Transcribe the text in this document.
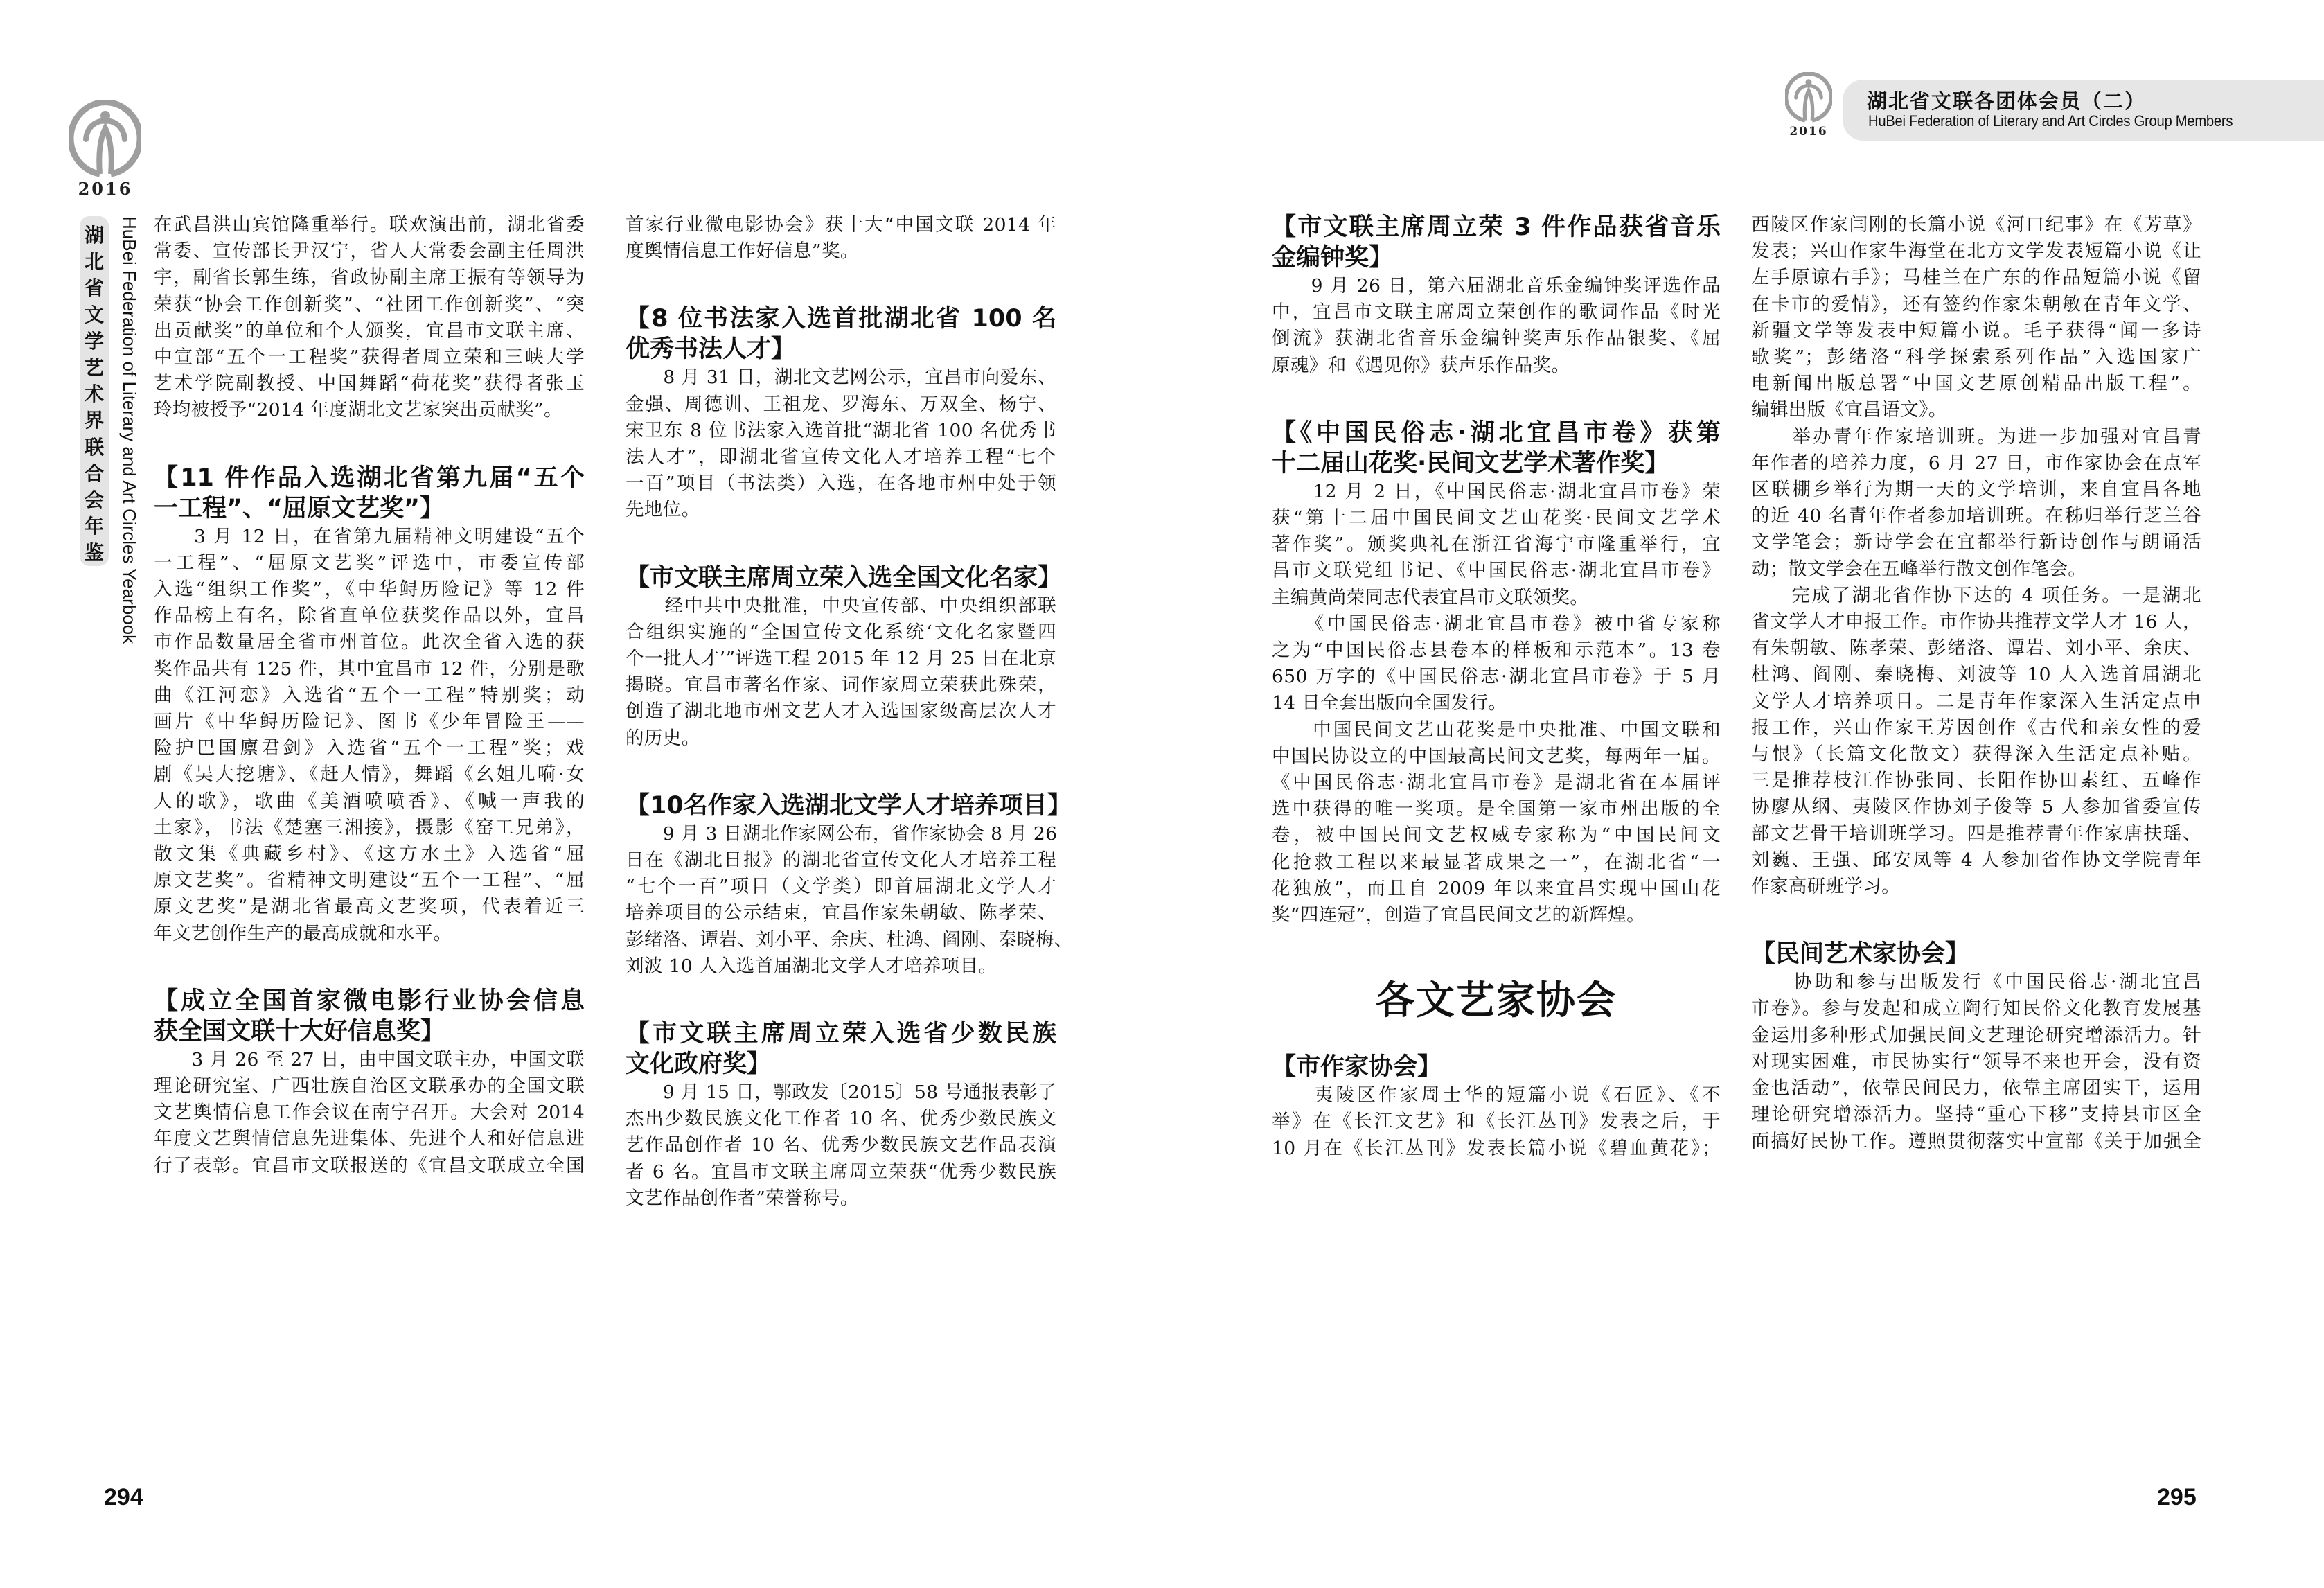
2016
湖
北
省
文
学
艺
术
界
联
合
会
年
鉴 HuBei Federation of Literary and Art Circles Yearbook
2016
湖北省文联各团体会员（二）
HuBei Federation of Literary and Art Circles Group Members

在武昌洪山宾馆隆重举行。联欢演出前，湖北省委
常委、宣传部长尹汉宁，省人大常委会副主任周洪
宇，副省长郭生练，省政协副主席王振有等领导为
荣获“协会工作创新奖”、“社团工作创新奖”、“突
出贡献奖”的单位和个人颁奖，宜昌市文联主席、
中宣部“五个一工程奖”获得者周立荣和三峡大学
艺术学院副教授、中国舞蹈“荷花奖”获得者张玉
玲均被授予“2014 年度湖北文艺家突出贡献奖”。

【11 件作品入选湖北省第九届“五个
一工程”、“屈原文艺奖”】

　　3 月 12 日，在省第九届精神文明建设“五个
一工程”、“屈原文艺奖”评选中，市委宣传部
入选“组织工作奖”，《中华鲟历险记》等 12 件
作品榜上有名，除省直单位获奖作品以外，宜昌
市作品数量居全省市州首位。此次全省入选的获
奖作品共有 125 件，其中宜昌市 12 件，分别是歌
曲《江河恋》入选省“五个一工程”特别奖；动
画片《中华鲟历险记》、图书《少年冒险王——
险护巴国廪君剑》入选省“五个一工程”奖；戏
剧《吴大挖塘》、《赶人情》，舞蹈《幺姐儿嗬·女
人的歌》，歌曲《美酒喷喷香》、《喊一声我的
土家》，书法《楚塞三湘接》，摄影《窑工兄弟》，
散文集《典藏乡村》、《这方水土》入选省“屈
原文艺奖”。省精神文明建设“五个一工程”、“屈
原文艺奖”是湖北省最高文艺奖项，代表着近三
年文艺创作生产的最高成就和水平。

【成立全国首家微电影行业协会信息
获全国文联十大好信息奖】

　　3 月 26 至 27 日，由中国文联主办，中国文联
理论研究室、广西壮族自治区文联承办的全国文联
文艺舆情信息工作会议在南宁召开。大会对 2014
年度文艺舆情信息先进集体、先进个人和好信息进
行了表彰。宜昌市文联报送的《宜昌文联成立全国

首家行业微电影协会》获十大“中国文联 2014 年
度舆情信息工作好信息”奖。

【8 位书法家入选首批湖北省 100 名
优秀书法人才】

　　8 月 31 日，湖北文艺网公示，宜昌市向爱东、
金强、周德训、王祖龙、罗海东、万双全、杨宁、
宋卫东 8 位书法家入选首批“湖北省 100 名优秀书
法人才”，即湖北省宣传文化人才培养工程“七个
一百”项目（书法类）入选，在各地市州中处于领
先地位。

【市文联主席周立荣入选全国文化名家】

　　经中共中央批准，中央宣传部、中央组织部联
合组织实施的“全国宣传文化系统‘文化名家暨四
个一批人才’”评选工程 2015 年 12 月 25 日在北京
揭晓。宜昌市著名作家、词作家周立荣获此殊荣，
创造了湖北地市州文艺人才入选国家级高层次人才
的历史。

【10名作家入选湖北文学人才培养项目】

　　9 月 3 日湖北作家网公布，省作家协会 8 月 26
日在《湖北日报》的湖北省宣传文化人才培养工程
“七个一百”项目（文学类）即首届湖北文学人才
培养项目的公示结束，宜昌作家朱朝敏、陈孝荣、
彭绪洛、谭岩、刘小平、余庆、杜鸿、阎刚、秦晓梅、
刘波 10 人入选首届湖北文学人才培养项目。

【市文联主席周立荣入选省少数民族
文化政府奖】

　　9 月 15 日，鄂政发〔2015〕58 号通报表彰了
杰出少数民族文化工作者 10 名、优秀少数民族文
艺作品创作者 10 名、优秀少数民族文艺作品表演
者 6 名。宜昌市文联主席周立荣获“优秀少数民族
文艺作品创作者”荣誉称号。

【市文联主席周立荣 3 件作品获省音乐
金编钟奖】

　　9 月 26 日，第六届湖北音乐金编钟奖评选作品
中，宜昌市文联主席周立荣创作的歌词作品《时光
倒流》获湖北省音乐金编钟奖声乐作品银奖、《屈
原魂》和《遇见你》获声乐作品奖。

【《中国民俗志·湖北宜昌市卷》获第
十二届山花奖·民间文艺学术著作奖】

　　12 月 2 日，《中国民俗志·湖北宜昌市卷》荣
获“第十二届中国民间文艺山花奖·民间文艺学术
著作奖”。颁奖典礼在浙江省海宁市隆重举行，宜
昌市文联党组书记、《中国民俗志·湖北宜昌市卷》
主编黄尚荣同志代表宜昌市文联领奖。

　　《中国民俗志·湖北宜昌市卷》被中省专家称
之为“中国民俗志县卷本的样板和示范本”。13 卷
650 万字的《中国民俗志·湖北宜昌市卷》于 5 月
14 日全套出版向全国发行。

　　中国民间文艺山花奖是中央批准、中国文联和
中国民协设立的中国最高民间文艺奖，每两年一届。
《中国民俗志·湖北宜昌市卷》是湖北省在本届评
选中获得的唯一奖项。是全国第一家市州出版的全
卷，被中国民间文艺权威专家称为“中国民间文
化抢救工程以来最显著成果之一”，在湖北省“一
花独放”，而且自 2009 年以来宜昌实现中国山花
奖“四连冠”，创造了宜昌民间文艺的新辉煌。

各文艺家协会
【市作家协会】

　　夷陵区作家周士华的短篇小说《石匠》、《不
举》在《长江文艺》和《长江丛刊》发表之后，于
10 月在《长江丛刊》发表长篇小说《碧血黄花》；

西陵区作家闫刚的长篇小说《河口纪事》在《芳草》
发表；兴山作家牛海堂在北方文学发表短篇小说《让
左手原谅右手》；马桂兰在广东的作品短篇小说《留
在卡市的爱情》，还有签约作家朱朝敏在青年文学、
新疆文学等发表中短篇小说。毛子获得“闻一多诗
歌奖”；彭绪洛“科学探索系列作品”入选国家广
电新闻出版总署“中国文艺原创精品出版工程”。
编辑出版《宜昌语文》。

　　举办青年作家培训班。为进一步加强对宜昌青
年作者的培养力度，6 月 27 日，市作家协会在点军
区联棚乡举行为期一天的文学培训，来自宜昌各地
的近 40 名青年作者参加培训班。在秭归举行芝兰谷
文学笔会；新诗学会在宜都举行新诗创作与朗诵活
动；散文学会在五峰举行散文创作笔会。

　　完成了湖北省作协下达的 4 项任务。一是湖北
省文学人才申报工作。市作协共推荐文学人才 16 人，
有朱朝敏、陈孝荣、彭绪洛、谭岩、刘小平、余庆、
杜鸿、阎刚、秦晓梅、刘波等 10 人入选首届湖北
文学人才培养项目。二是青年作家深入生活定点申
报工作，兴山作家王芳因创作《古代和亲女性的爱
与恨》（长篇文化散文）获得深入生活定点补贴。
三是推荐枝江作协张同、长阳作协田素红、五峰作
协廖从纲、夷陵区作协刘子俊等 5 人参加省委宣传
部文艺骨干培训班学习。四是推荐青年作家唐扶瑶、
刘巍、王强、邱安凤等 4 人参加省作协文学院青年
作家高研班学习。

【民间艺术家协会】

　　协助和参与出版发行《中国民俗志·湖北宜昌
市卷》。参与发起和成立陶行知民俗文化教育发展基
金运用多种形式加强民间文艺理论研究增添活力。针
对现实困难，市民协实行“领导不来也开会，没有资
金也活动”，依靠民间民力，依靠主席团实干，运用
理论研究增添活力。坚持“重心下移”支持县市区全
面搞好民协工作。遵照贯彻落实中宣部《关于加强全

294	295
